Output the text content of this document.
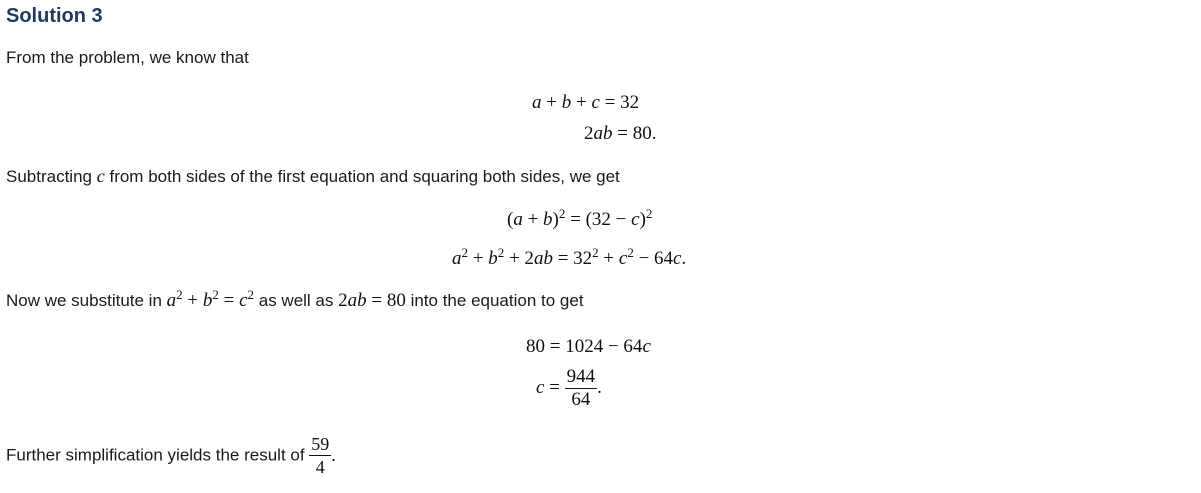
Solution 3
From the problem, we know that
a + b + c = 32
2ab = 80.
Subtracting c from both sides of the first equation and squaring both sides, we get
$(a + b)^2 = (32 - c)^2$
$a^2 + b^2 + 2ab = 32^2 + c^2 - 64c$.
Now we substitute in $a^2 + b^2 = c^2$ as well as 2ab = 80 into the equation to get
80 = 1024 − 64c
$c = \frac{944}{64}$ .
Further simplification yields the result of $\frac{59}{4}$ .
